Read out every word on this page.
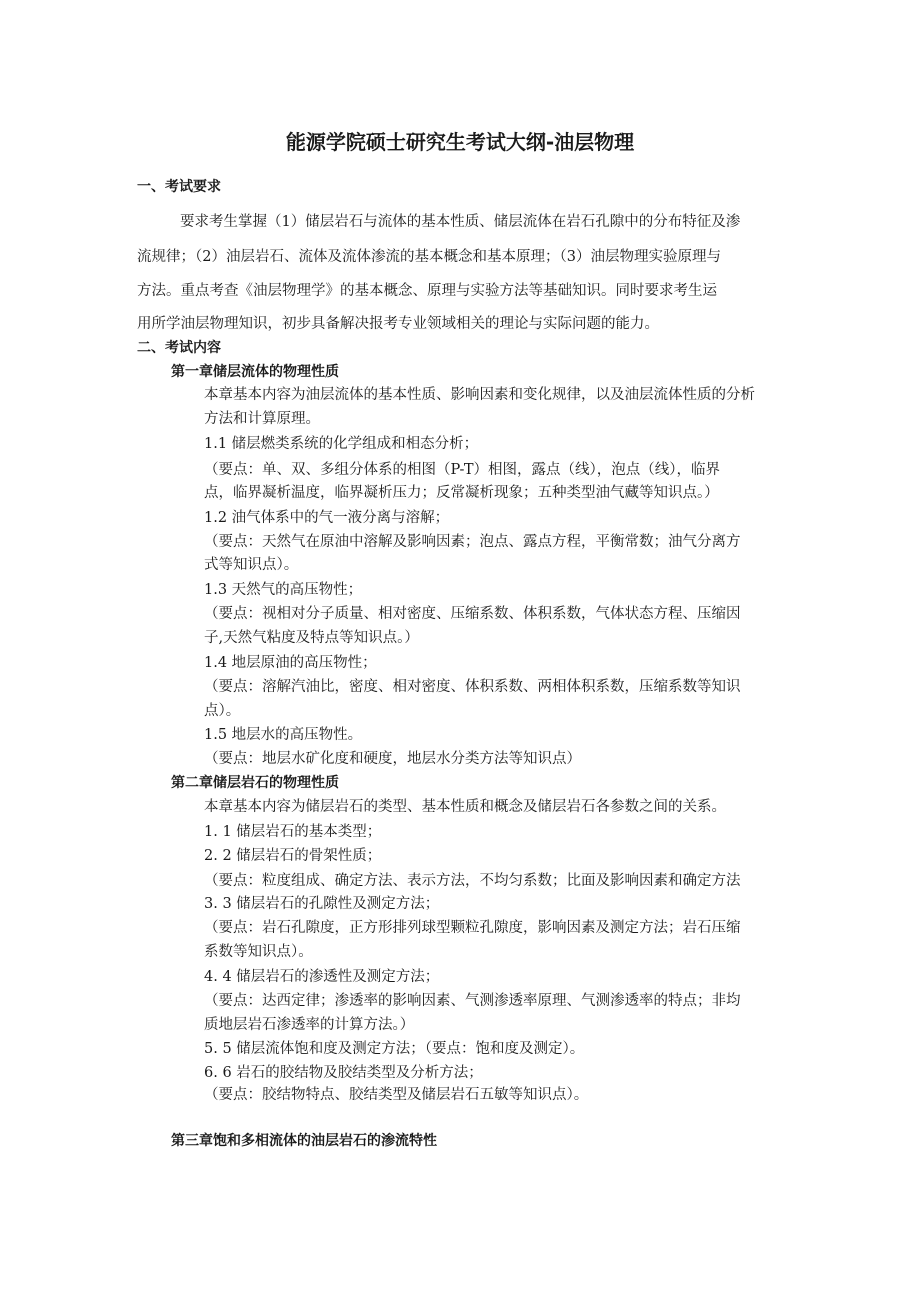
能源学院硕士研究生考试大纲-油层物理
一、考试要求
要求考生掌握（1）储层岩石与流体的基本性质、储层流体在岩石孔隙中的分布特征及渗
流规律；（2）油层岩石、流体及流体渗流的基本概念和基本原理；（3）油层物理实验原理与
方法。重点考查《油层物理学》的基本概念、原理与实验方法等基础知识。同时要求考生运
用所学油层物理知识，初步具备解决报考专业领域相关的理论与实际问题的能力。
二、考试内容
第一章储层流体的物理性质
本章基本内容为油层流体的基本性质、影响因素和变化规律，以及油层流体性质的分析
方法和计算原理。
1.1 储层燃类系统的化学组成和相态分析；
（要点：单、双、多组分体系的相图（P-T）相图，露点（线），泡点（线），临界
点，临界凝析温度，临界凝析压力；反常凝析现象；五种类型油气藏等知识点。）
1.2 油气体系中的气一液分离与溶解；
（要点：天然气在原油中溶解及影响因素；泡点、露点方程，平衡常数；油气分离方
式等知识点）。
1.3 天然气的高压物性；
（要点：视相对分子质量、相对密度、压缩系数、体积系数，气体状态方程、压缩因
子,天然气粘度及特点等知识点。）
1.4 地层原油的高压物性；
（要点：溶解汽油比，密度、相对密度、体积系数、两相体积系数，压缩系数等知识
点）。
1.5 地层水的高压物性。
（要点：地层水矿化度和硬度，地层水分类方法等知识点）
第二章储层岩石的物理性质
本章基本内容为储层岩石的类型、基本性质和概念及储层岩石各参数之间的关系。
1. 1 储层岩石的基本类型；
2. 2 储层岩石的骨架性质；
（要点：粒度组成、确定方法、表示方法，不均匀系数；比面及影响因素和确定方法
3. 3 储层岩石的孔隙性及测定方法；
（要点：岩石孔隙度，正方形排列球型颗粒孔隙度，影响因素及测定方法；岩石压缩
系数等知识点）。
4. 4 储层岩石的渗透性及测定方法；
（要点：达西定律；渗透率的影响因素、气测渗透率原理、气测渗透率的特点；非均
质地层岩石渗透率的计算方法。）
5. 5 储层流体饱和度及测定方法；（要点：饱和度及测定）。
6. 6 岩石的胶结物及胶结类型及分析方法；
（要点：胶结物特点、胶结类型及储层岩石五敏等知识点）。
第三章饱和多相流体的油层岩石的渗流特性
